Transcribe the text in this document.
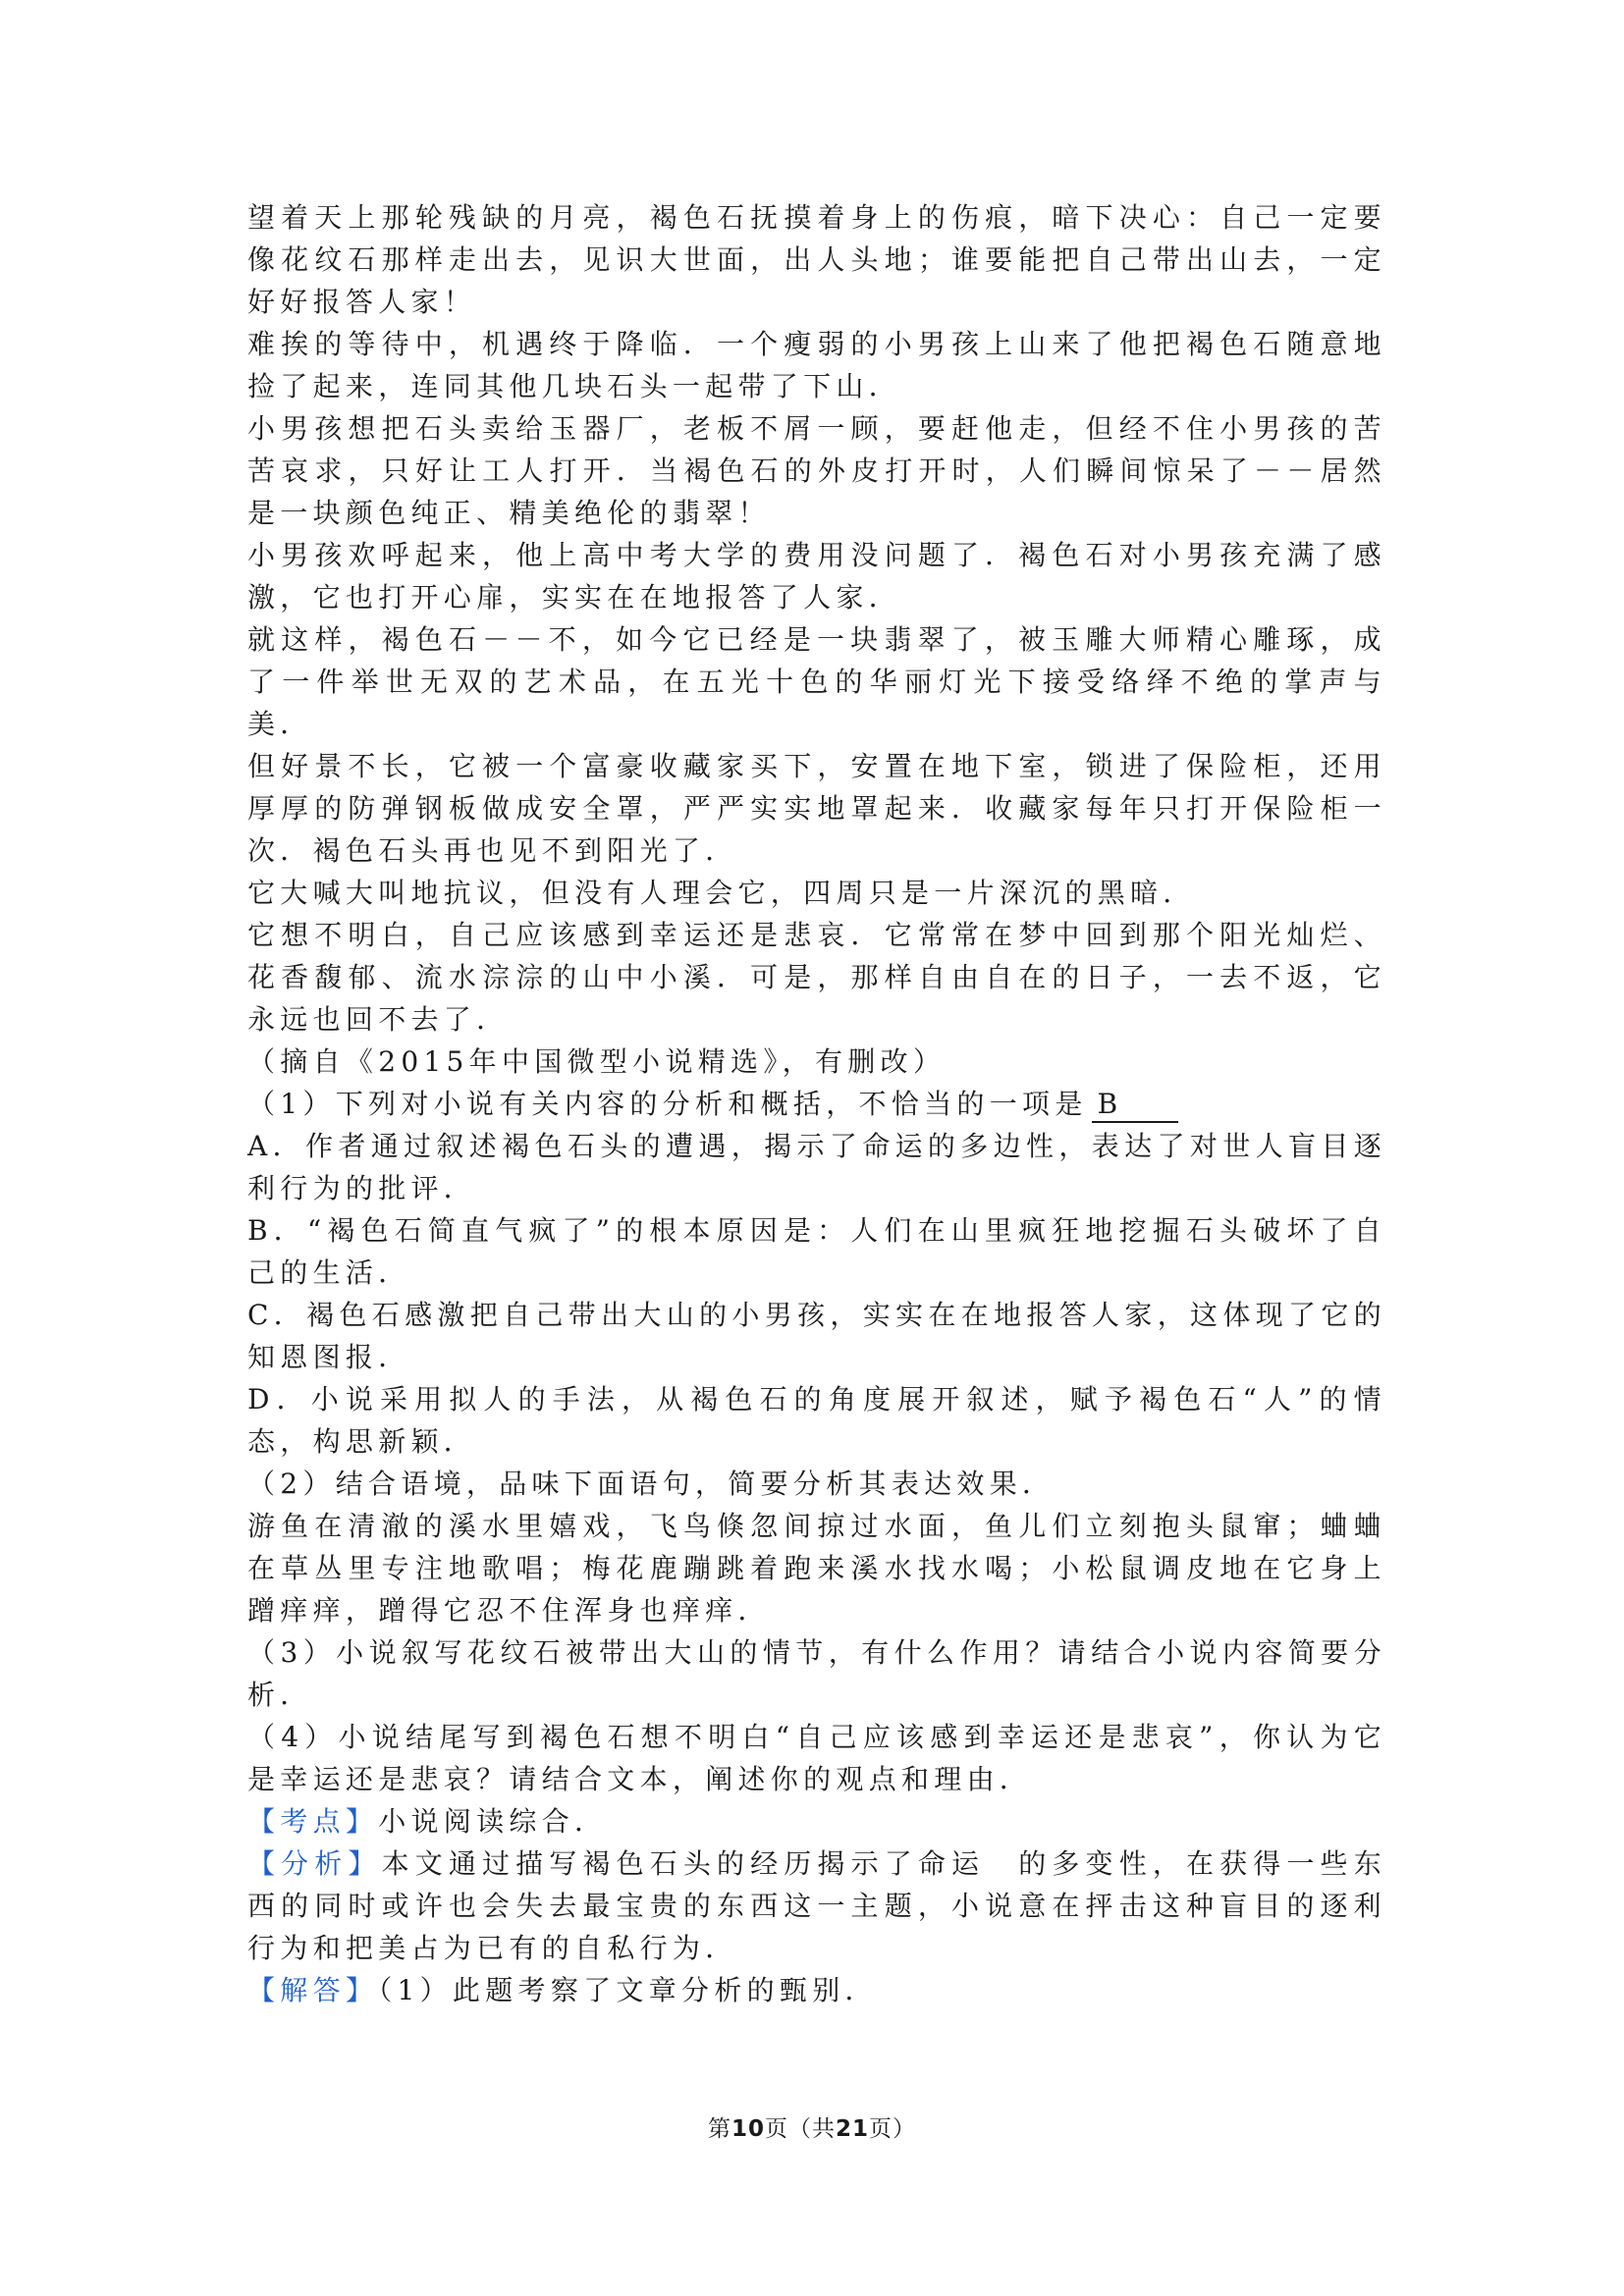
望着天上那轮残缺的月亮，褐色石抚摸着身上的伤痕，暗下决心：自己一定要像花纹石那样走出去，见识大世面，出人头地；谁要能把自己带出山去，一定好好报答人家！

难挨的等待中，机遇终于降临．一个瘦弱的小男孩上山来了他把褐色石随意地捡了起来，连同其他几块石头一起带了下山．

小男孩想把石头卖给玉器厂，老板不屑一顾，要赶他走，但经不住小男孩的苦苦哀求，只好让工人打开．当褐色石的外皮打开时，人们瞬间惊呆了－－居然是一块颜色纯正、精美绝伦的翡翠！

小男孩欢呼起来，他上高中考大学的费用没问题了．褐色石对小男孩充满了感激，它也打开心扉，实实在在地报答了人家．

就这样，褐色石－－不，如今它已经是一块翡翠了，被玉雕大师精心雕琢，成了一件举世无双的艺术品，在五光十色的华丽灯光下接受络绎不绝的掌声与美．

但好景不长，它被一个富豪收藏家买下，安置在地下室，锁进了保险柜，还用厚厚的防弹钢板做成安全罩，严严实实地罩起来．收藏家每年只打开保险柜一次．褐色石头再也见不到阳光了．

它大喊大叫地抗议，但没有人理会它，四周只是一片深沉的黑暗．

它想不明白，自己应该感到幸运还是悲哀．它常常在梦中回到那个阳光灿烂、花香馥郁、流水淙淙的山中小溪．可是，那样自由自在的日子，一去不返，它永远也回不去了．

（摘自《2015年中国微型小说精选》，有删改）

（1）下列对小说有关内容的分析和概括，不恰当的一项是 B

A．作者通过叙述褐色石头的遭遇，揭示了命运的多边性，表达了对世人盲目逐利行为的批评．

B．“褐色石简直气疯了”的根本原因是：人们在山里疯狂地挖掘石头破坏了自己的生活．

C．褐色石感激把自己带出大山的小男孩，实实在在地报答人家，这体现了它的知恩图报．

D．小说采用拟人的手法，从褐色石的角度展开叙述，赋予褐色石“人”的情态，构思新颖．

（2）结合语境，品味下面语句，简要分析其表达效果．

游鱼在清澈的溪水里嬉戏，飞鸟倏忽间掠过水面，鱼儿们立刻抱头鼠窜；蛐蛐在草丛里专注地歌唱；梅花鹿蹦跳着跑来溪水找水喝；小松鼠调皮地在它身上蹭痒痒，蹭得它忍不住浑身也痒痒．

（3）小说叙写花纹石被带出大山的情节，有什么作用？请结合小说内容简要分析．

（4）小说结尾写到褐色石想不明白“自己应该感到幸运还是悲哀”，你认为它是幸运还是悲哀？请结合文本，阐述你的观点和理由．

【考点】小说阅读综合．

【分析】本文通过描写褐色石头的经历揭示了命运　的多变性，在获得一些东西的同时或许也会失去最宝贵的东西这一主题，小说意在抨击这种盲目的逐利行为和把美占为已有的自私行为．

【解答】（1）此题考察了文章分析的甄别．

第10页（共21页）
